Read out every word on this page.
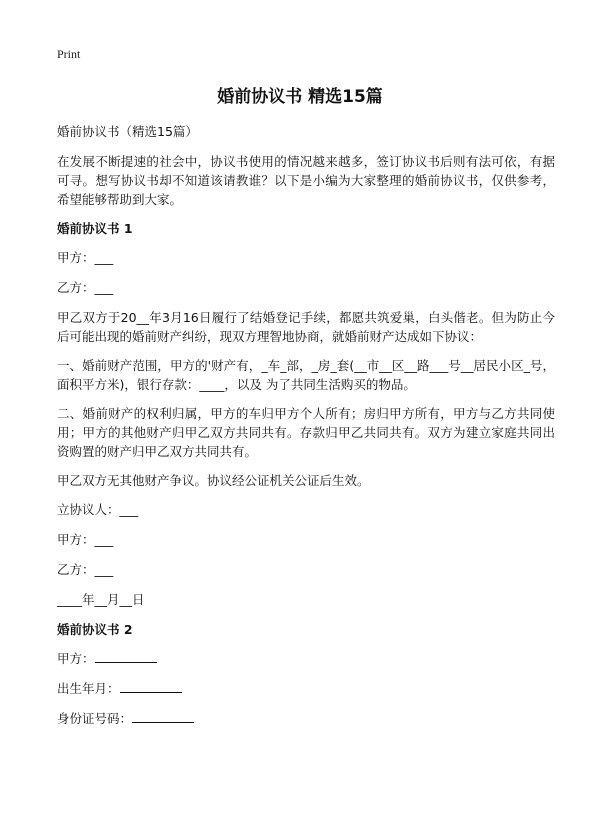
Print
婚前协议书 精选15篇

婚前协议书（精选15篇）

在发展不断提速的社会中，协议书使用的情况越来越多，签订协议书后则有法可依，有据可寻。想写协议书却不知道该请教谁？以下是小编为大家整理的婚前协议书，仅供参考，希望能够帮助到大家。

婚前协议书 1

甲方：___

乙方：___

甲乙双方于20__年3月16日履行了结婚登记手续，都愿共筑爱巢，白头偕老。但为防止今后可能出现的婚前财产纠纷，现双方理智地协商，就婚前财产达成如下协议：

一、婚前财产范围，甲方的'财产有，_车_部，_房_套(__市__区__路___号__居民小区_号，面积平方米)，银行存款：____，以及 为了共同生活购买的物品。

二、婚前财产的权利归属，甲方的车归甲方个人所有；房归甲方所有，甲方与乙方共同使用；甲方的其他财产归甲乙双方共同共有。存款归甲乙共同共有。双方为建立家庭共同出资购置的财产归甲乙双方共同共有。

甲乙双方无其他财产争议。协议经公证机关公证后生效。

立协议人：___

甲方：___

乙方：___

____年__月__日

婚前协议书 2

甲方：

出生年月：

身份证号码：
